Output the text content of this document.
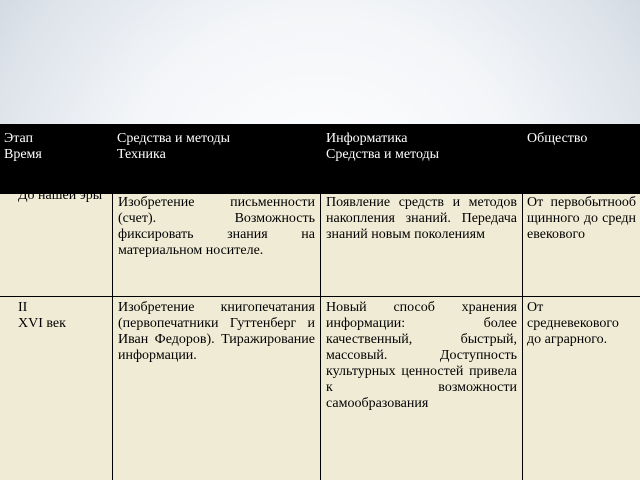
Этап
Время
Средства и методы
Техника
Информатика
Средства и методы
Общество
I
До нашей эры	Изобретение письменности (счет). Возможность фиксировать знания на материальном носителе.
Появление средств и методов накопления знаний. Передача знаний новым поколениям
От первобытнообщинного до средневекового
II
XVI век
Изобретение книгопечатания (первопечатники Гуттенберг и Иван Федоров). Тиражирование информации.
Новый способ хранения информации: более качественный, быстрый, массовый. Доступность культурных ценностей привела к возможности самообразования
От средневекового до аграрного.
